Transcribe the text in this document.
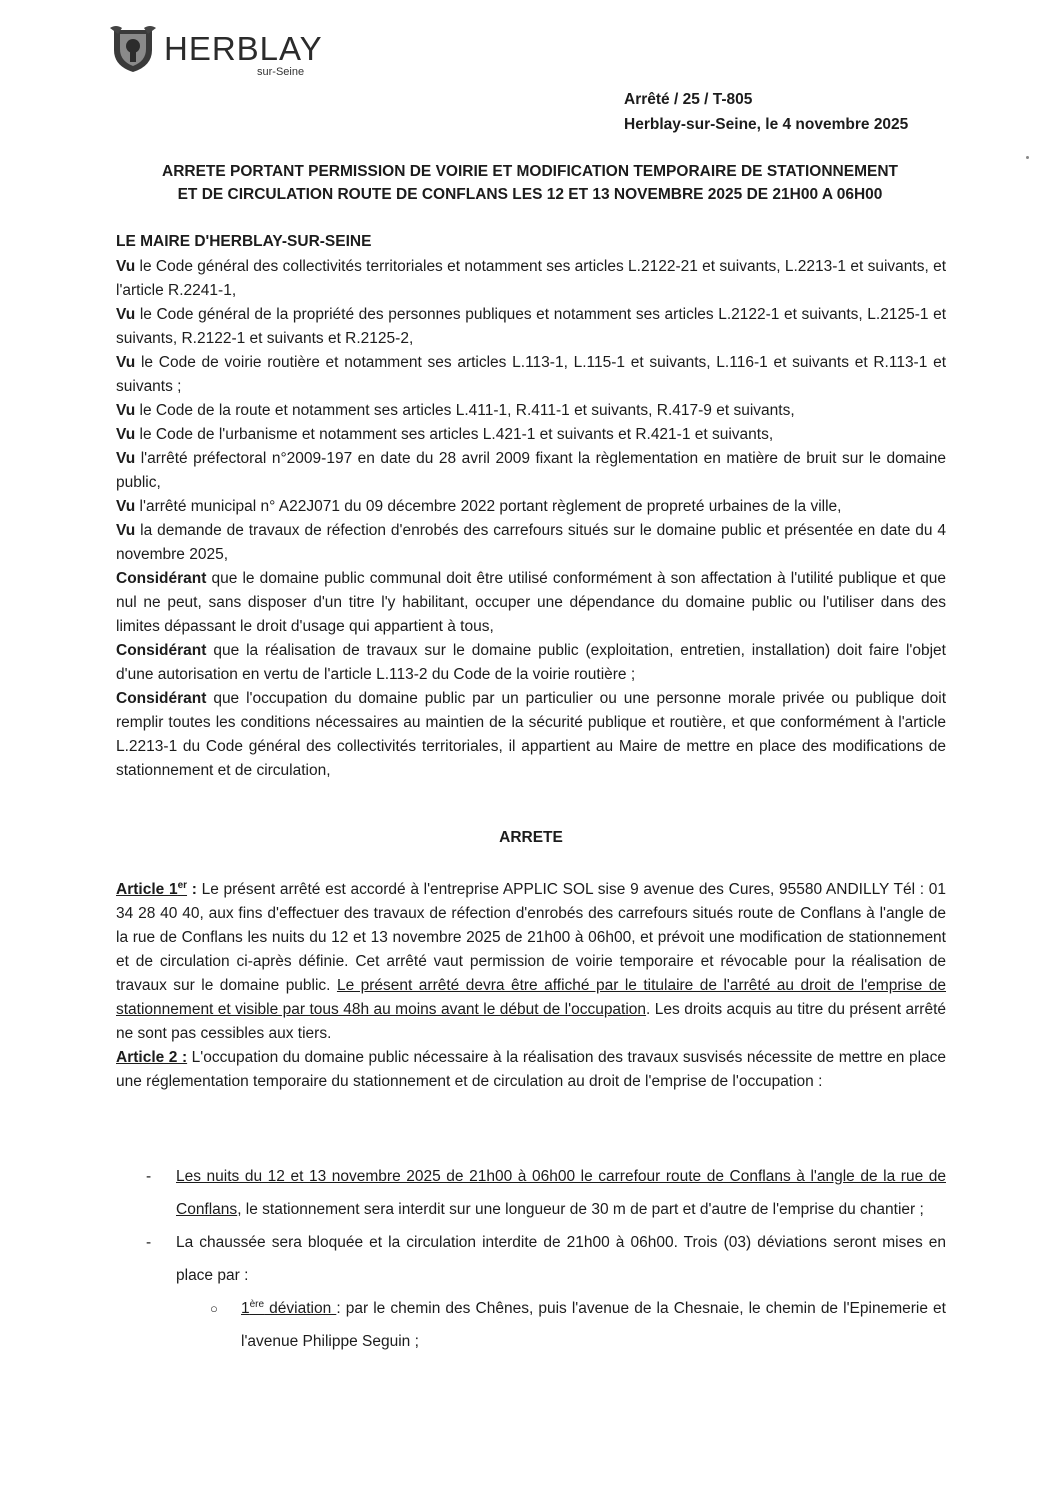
HERBLAY
sur-Seine
Arrêté / 25 / T-805
Herblay-sur-Seine, le 4 novembre 2025
ARRETE PORTANT PERMISSION DE VOIRIE ET MODIFICATION TEMPORAIRE DE STATIONNEMENT
ET DE CIRCULATION ROUTE DE CONFLANS LES 12 ET 13 NOVEMBRE 2025 DE 21H00 A 06H00
LE MAIRE D'HERBLAY-SUR-SEINE

Vu le Code général des collectivités territoriales et notamment ses articles L.2122-21 et suivants, L.2213-1 et suivants, et l'article R.2241-1,

Vu le Code général de la propriété des personnes publiques et notamment ses articles L.2122-1 et suivants, L.2125-1 et suivants, R.2122-1 et suivants et R.2125-2,

Vu le Code de voirie routière et notamment ses articles L.113-1, L.115-1 et suivants, L.116-1 et suivants et R.113-1 et suivants ;

Vu le Code de la route et notamment ses articles L.411-1, R.411-1 et suivants, R.417-9 et suivants,

Vu le Code de l'urbanisme et notamment ses articles L.421-1 et suivants et R.421-1 et suivants,

Vu l'arrêté préfectoral n°2009-197 en date du 28 avril 2009 fixant la règlementation en matière de bruit sur le domaine public,

Vu l'arrêté municipal n° A22J071 du 09 décembre 2022 portant règlement de propreté urbaines de la ville,

Vu la demande de travaux de réfection d'enrobés des carrefours situés sur le domaine public et présentée en date du 4 novembre 2025,

Considérant que le domaine public communal doit être utilisé conformément à son affectation à l'utilité publique et que nul ne peut, sans disposer d'un titre l'y habilitant, occuper une dépendance du domaine public ou l'utiliser dans des limites dépassant le droit d'usage qui appartient à tous,

Considérant que la réalisation de travaux sur le domaine public (exploitation, entretien, installation) doit faire l'objet d'une autorisation en vertu de l'article L.113-2 du Code de la voirie routière ;

Considérant que l'occupation du domaine public par un particulier ou une personne morale privée ou publique doit remplir toutes les conditions nécessaires au maintien de la sécurité publique et routière, et que conformément à l'article L.2213-1 du Code général des collectivités territoriales, il appartient au Maire de mettre en place des modifications de stationnement et de circulation,

ARRETE

Article 1er : Le présent arrêté est accordé à l'entreprise APPLIC SOL sise 9 avenue des Cures, 95580 ANDILLY Tél : 01 34 28 40 40, aux fins d'effectuer des travaux de réfection d'enrobés des carrefours situés route de Conflans à l'angle de la rue de Conflans les nuits du 12 et 13 novembre 2025 de 21h00 à 06h00, et prévoit une modification de stationnement et de circulation ci-après définie. Cet arrêté vaut permission de voirie temporaire et révocable pour la réalisation de travaux sur le domaine public. Le présent arrêté devra être affiché par le titulaire de l'arrêté au droit de l'emprise de stationnement et visible par tous 48h au moins avant le début de l'occupation. Les droits acquis au titre du présent arrêté ne sont pas cessibles aux tiers.

Article 2 : L'occupation du domaine public nécessaire à la réalisation des travaux susvisés nécessite de mettre en place une réglementation temporaire du stationnement et de circulation au droit de l'emprise de l'occupation :

- Les nuits du 12 et 13 novembre 2025 de 21h00 à 06h00 le carrefour route de Conflans à l'angle de la rue de Conflans, le stationnement sera interdit sur une longueur de 30 m de part et d'autre de l'emprise du chantier ;
- La chaussée sera bloquée et la circulation interdite de 21h00 à 06h00. Trois (03) déviations seront mises en place par :
○ 1ère déviation : par le chemin des Chênes, puis l'avenue de la Chesnaie, le chemin de l'Epinemerie et l'avenue Philippe Seguin ;
